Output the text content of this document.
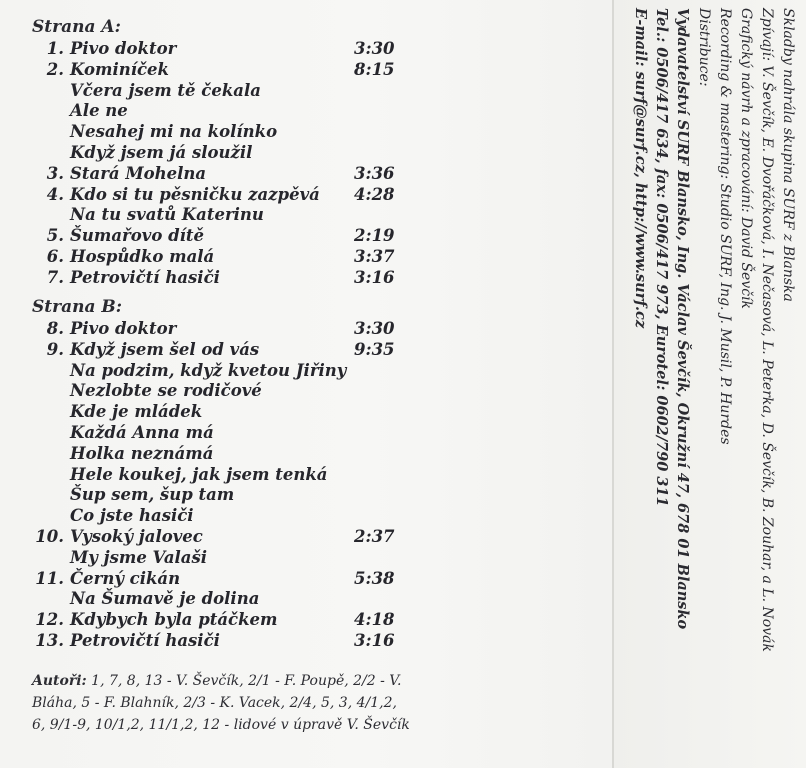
Strana A:
1. Pivo doktor	3:30
2. Kominíček	8:15
Včera jsem tě čekala
Ale ne
Nesahej mi na kolínko
Když jsem já sloužil
3. Stará Mohelna	3:36
4. Kdo si tu pěsničku zazpěvá 4:28
Na tu svatů Katerinu
5. Šumařovo dítě	2:19
6. Hospůdko malá	3:37
7. Petrovičtí hasiči	3:16
Strana B:
8. Pivo doktor	3:30
9. Když jsem šel od vás	9:35
Na podzim, když kvetou Jiřiny
Nezlobte se rodičové
Kde je mládek
Každá Anna má
Holka neznámá
Hele koukej, jak jsem tenká
Šup sem, šup tam
Co jste hasiči
10. Vysoký jalovec	2:37
My jsme Valaši
11. Černý cikán	5:38
Na Šumavě je dolina
12. Kdybych byla ptáčkem	4:18
13. Petrovičtí hasiči	3:16
Autoři: 1, 7, 8, 13 - V. Ševčík, 2/1 - F. Poupě, 2/2 - V. Bláha, 5 - F. Blahník, 2/3 - K. Vacek, 2/4, 5, 3, 4/1,2, 6, 9/1-9, 10/1,2, 11/1,2, 12 - lidové v úpravě V. Ševčík
Skladby nahrála skupina SURF z Blanska
Zpívají: V. Ševčík, E. Dvořáčková, I. Nečasová, L. Peterka, D. Ševčík, B. Zouhar, a L. Novák
Grafický návrh a zpracování: David Ševčík
Recording & mastering: Studio SURF, Ing. J. Musil, P. Hurdes
Distribuce:
Vydavatelství SURF Blansko, Ing. Václav Ševčík, Okružní 47, 678 01 Blansko
Tel.: 0506/417 634, fax: 0506/417 973, Eurotel: 0602/790 311
E-mail: surf@surf.cz, http://www.surf.cz
